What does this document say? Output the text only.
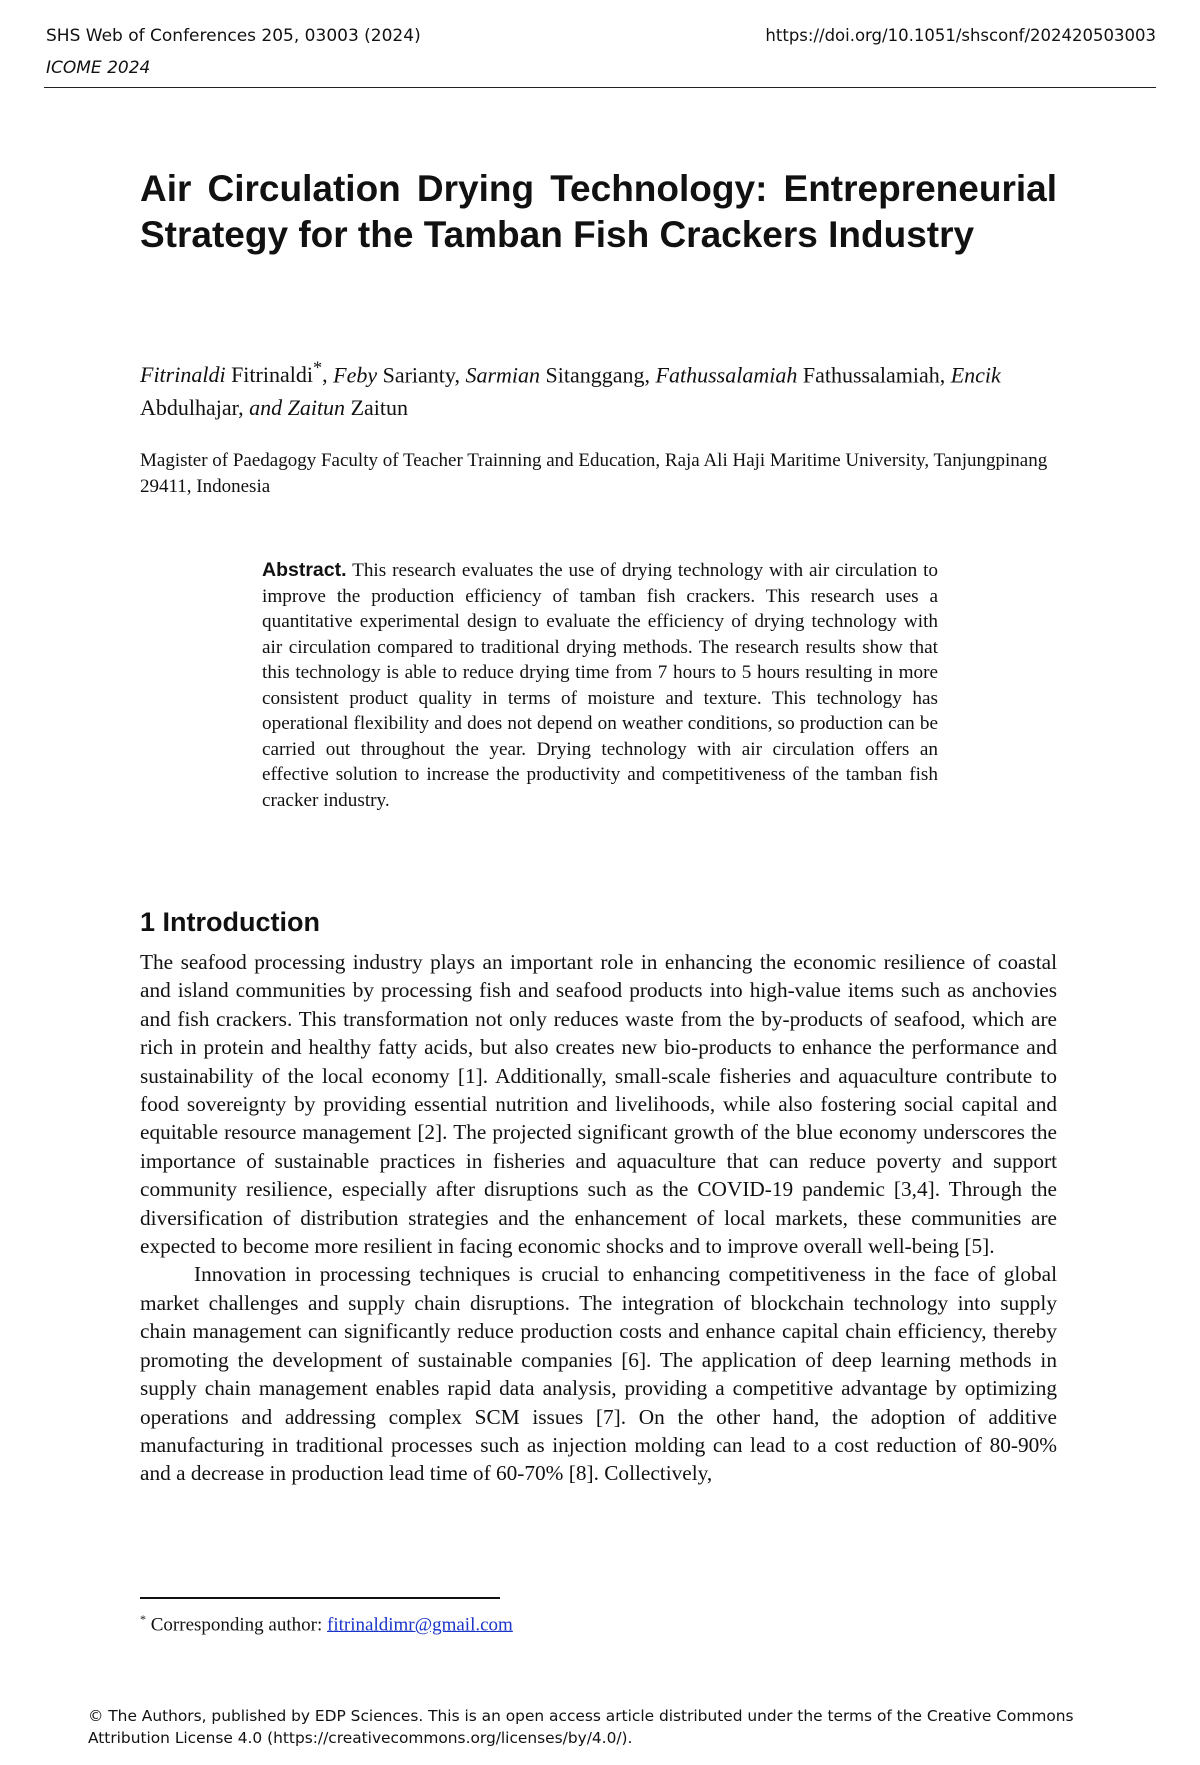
SHS Web of Conferences 205, 03003 (2024)
ICOME 2024
https://doi.org/10.1051/shsconf/202420503003
Air Circulation Drying Technology: Entrepreneurial Strategy for the Tamban Fish Crackers Industry

Fitrinaldi Fitrinaldi*, Feby Sarianty, Sarmian Sitanggang, Fathussalamiah Fathussalamiah, Encik Abdulhajar, and Zaitun Zaitun

Magister of Paedagogy Faculty of Teacher Trainning and Education, Raja Ali Haji Maritime University, Tanjungpinang 29411, Indonesia

Abstract. This research evaluates the use of drying technology with air circulation to improve the production efficiency of tamban fish crackers. This research uses a quantitative experimental design to evaluate the efficiency of drying technology with air circulation compared to traditional drying methods. The research results show that this technology is able to reduce drying time from 7 hours to 5 hours resulting in more consistent product quality in terms of moisture and texture. This technology has operational flexibility and does not depend on weather conditions, so production can be carried out throughout the year. Drying technology with air circulation offers an effective solution to increase the productivity and competitiveness of the tamban fish cracker industry.

1 Introduction

The seafood processing industry plays an important role in enhancing the economic resilience of coastal and island communities by processing fish and seafood products into high-value items such as anchovies and fish crackers. This transformation not only reduces waste from the by-products of seafood, which are rich in protein and healthy fatty acids, but also creates new bio-products to enhance the performance and sustainability of the local economy [1]. Additionally, small-scale fisheries and aquaculture contribute to food sovereignty by providing essential nutrition and livelihoods, while also fostering social capital and equitable resource management [2]. The projected significant growth of the blue economy underscores the importance of sustainable practices in fisheries and aquaculture that can reduce poverty and support community resilience, especially after disruptions such as the COVID-19 pandemic [3,4]. Through the diversification of distribution strategies and the enhancement of local markets, these communities are expected to become more resilient in facing economic shocks and to improve overall well-being [5].

Innovation in processing techniques is crucial to enhancing competitiveness in the face of global market challenges and supply chain disruptions. The integration of blockchain technology into supply chain management can significantly reduce production costs and enhance capital chain efficiency, thereby promoting the development of sustainable companies [6]. The application of deep learning methods in supply chain management enables rapid data analysis, providing a competitive advantage by optimizing operations and addressing complex SCM issues [7]. On the other hand, the adoption of additive manufacturing in traditional processes such as injection molding can lead to a cost reduction of 80-90% and a decrease in production lead time of 60-70% [8]. Collectively,

* Corresponding author: fitrinaldimr@gmail.com

© The Authors, published by EDP Sciences. This is an open access article distributed under the terms of the Creative Commons Attribution License 4.0 (https://creativecommons.org/licenses/by/4.0/).
